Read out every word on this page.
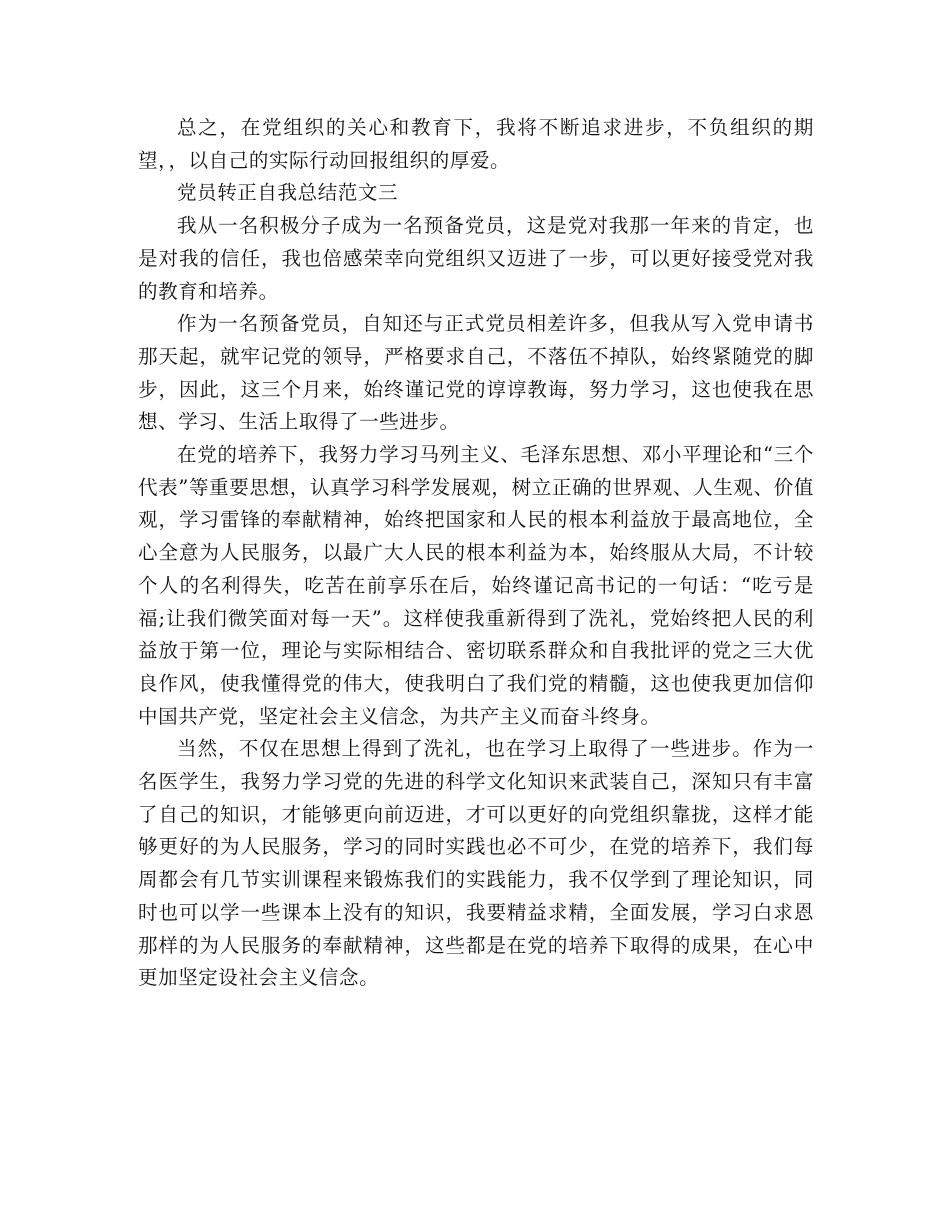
总之，在党组织的关心和教育下，我将不断追求进步，不负组织的期望，，以自己的实际行动回报组织的厚爱。

党员转正自我总结范文三

我从一名积极分子成为一名预备党员，这是党对我那一年来的肯定，也是对我的信任，我也倍感荣幸向党组织又迈进了一步，可以更好接受党对我的教育和培养。

作为一名预备党员，自知还与正式党员相差许多，但我从写入党申请书那天起，就牢记党的领导，严格要求自己，不落伍不掉队，始终紧随党的脚步，因此，这三个月来，始终谨记党的谆谆教诲，努力学习，这也使我在思想、学习、生活上取得了一些进步。

在党的培养下，我努力学习马列主义、毛泽东思想、邓小平理论和“三个代表”等重要思想，认真学习科学发展观，树立正确的世界观、人生观、价值观，学习雷锋的奉献精神，始终把国家和人民的根本利益放于最高地位，全心全意为人民服务，以最广大人民的根本利益为本，始终服从大局，不计较个人的名利得失，吃苦在前享乐在后，始终谨记高书记的一句话：“吃亏是福;让我们微笑面对每一天”。这样使我重新得到了洗礼，党始终把人民的利益放于第一位，理论与实际相结合、密切联系群众和自我批评的党之三大优良作风，使我懂得党的伟大，使我明白了我们党的精髓，这也使我更加信仰中国共产党，坚定社会主义信念，为共产主义而奋斗终身。

当然，不仅在思想上得到了洗礼，也在学习上取得了一些进步。作为一名医学生，我努力学习党的先进的科学文化知识来武装自己，深知只有丰富了自己的知识，才能够更向前迈进，才可以更好的向党组织靠拢，这样才能够更好的为人民服务，学习的同时实践也必不可少，在党的培养下，我们每周都会有几节实训课程来锻炼我们的实践能力，我不仅学到了理论知识，同时也可以学一些课本上没有的知识，我要精益求精，全面发展，学习白求恩那样的为人民服务的奉献精神，这些都是在党的培养下取得的成果，在心中更加坚定设社会主义信念。
